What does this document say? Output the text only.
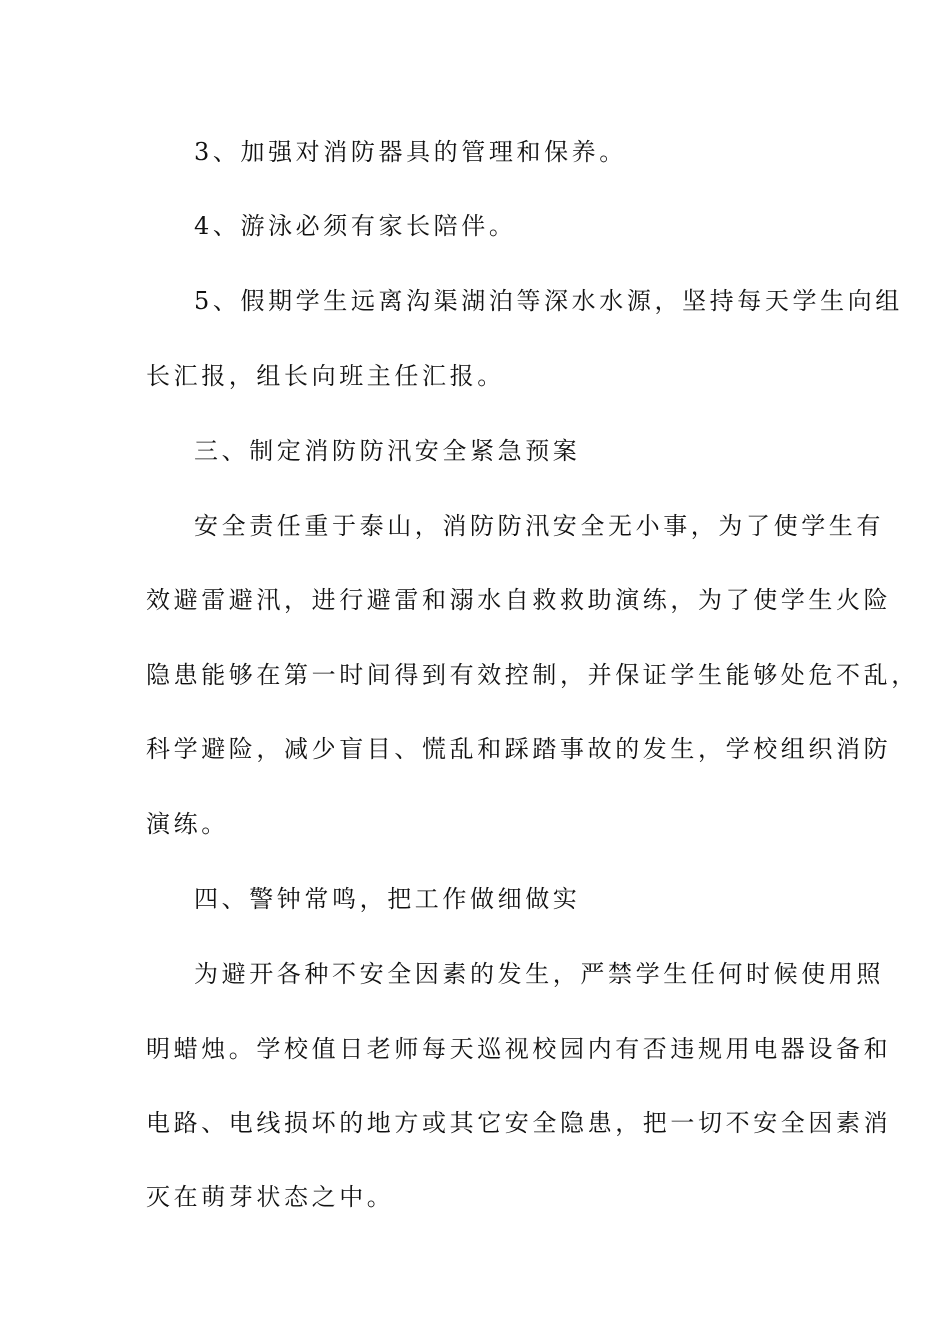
3、加强对消防器具的管理和保养。
4、游泳必须有家长陪伴。
5、假期学生远离沟渠湖泊等深水水源，坚持每天学生向组
长汇报，组长向班主任汇报。
三、制定消防防汛安全紧急预案
安全责任重于泰山，消防防汛安全无小事，为了使学生有
效避雷避汛，进行避雷和溺水自救救助演练，为了使学生火险
隐患能够在第一时间得到有效控制，并保证学生能够处危不乱，
科学避险，减少盲目、慌乱和踩踏事故的发生，学校组织消防
演练。
四、警钟常鸣，把工作做细做实
为避开各种不安全因素的发生，严禁学生任何时候使用照
明蜡烛。学校值日老师每天巡视校园内有否违规用电器设备和
电路、电线损坏的地方或其它安全隐患，把一切不安全因素消
灭在萌芽状态之中。
